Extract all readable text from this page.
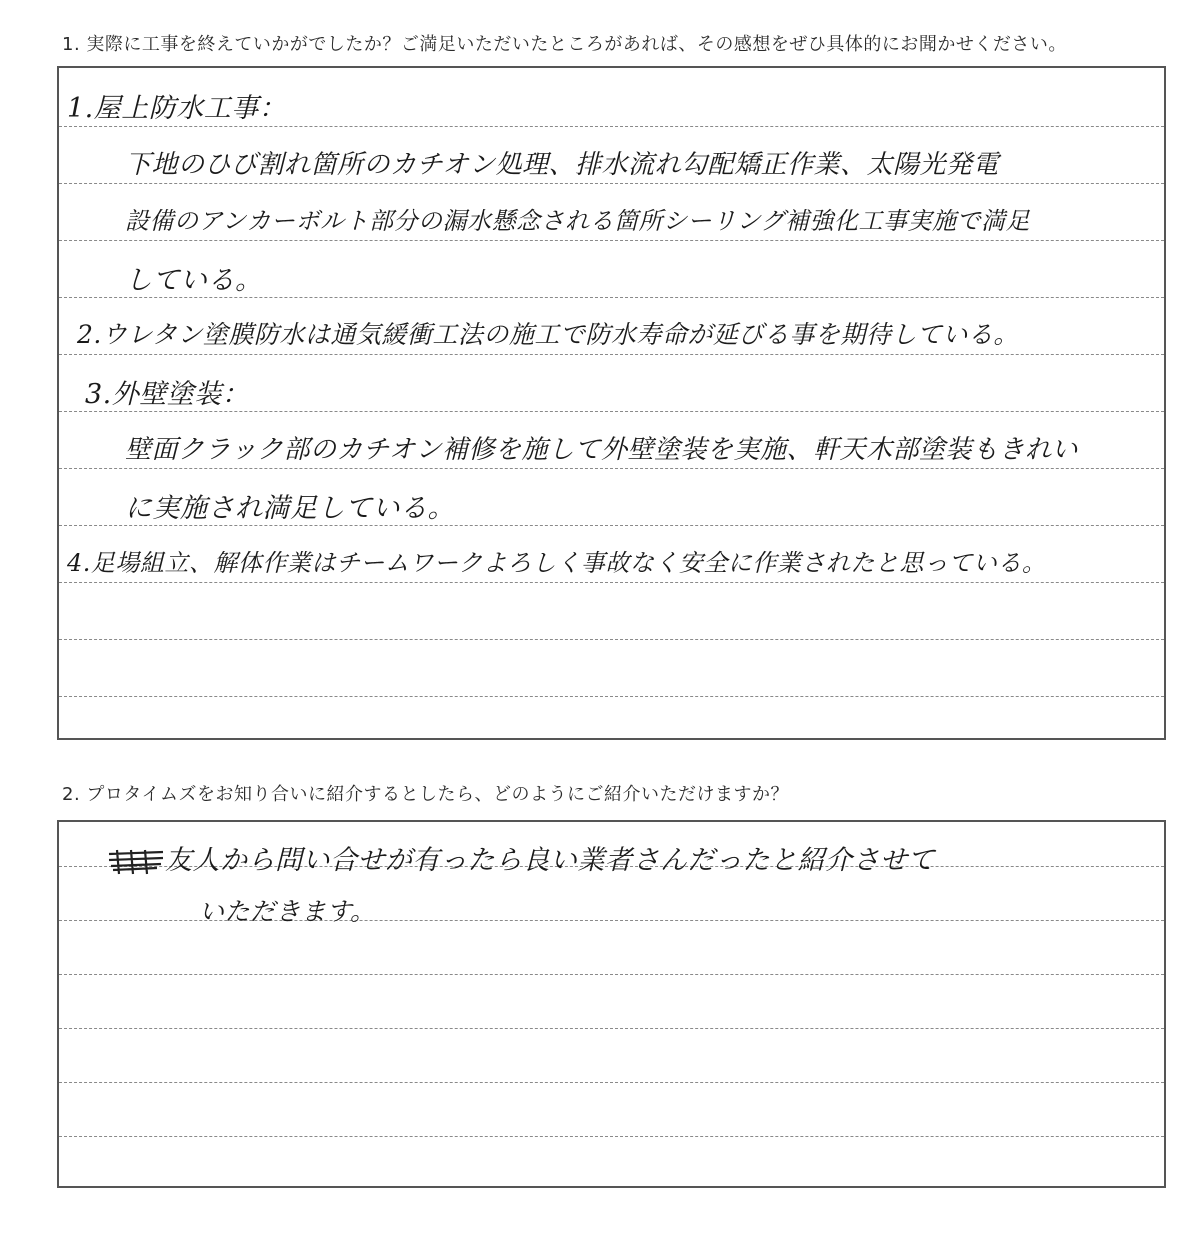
1. 実際に工事を終えていかがでしたか？ご満足いただいたところがあれば、その感想をぜひ具体的にお聞かせください。
1.屋上防水工事：
下地のひび割れ箇所のカチオン処理、排水流れ勾配矯正作業、太陽光発電
設備のアンカーボルト部分の漏水懸念される箇所シーリング補強化工事実施で満足
している。
2.ウレタン塗膜防水は通気緩衝工法の施工で防水寿命が延びる事を期待している。
3.外壁塗装：
壁面クラック部のカチオン補修を施して外壁塗装を実施、軒天木部塗装もきれい
に実施され満足している。
4.足場組立、解体作業はチームワークよろしく事故なく安全に作業されたと思っている。
2. プロタイムズをお知り合いに紹介するとしたら、どのようにご紹介いただけますか？
友人から問い合せが有ったら良い業者さんだったと紹介させて
いただきます。
